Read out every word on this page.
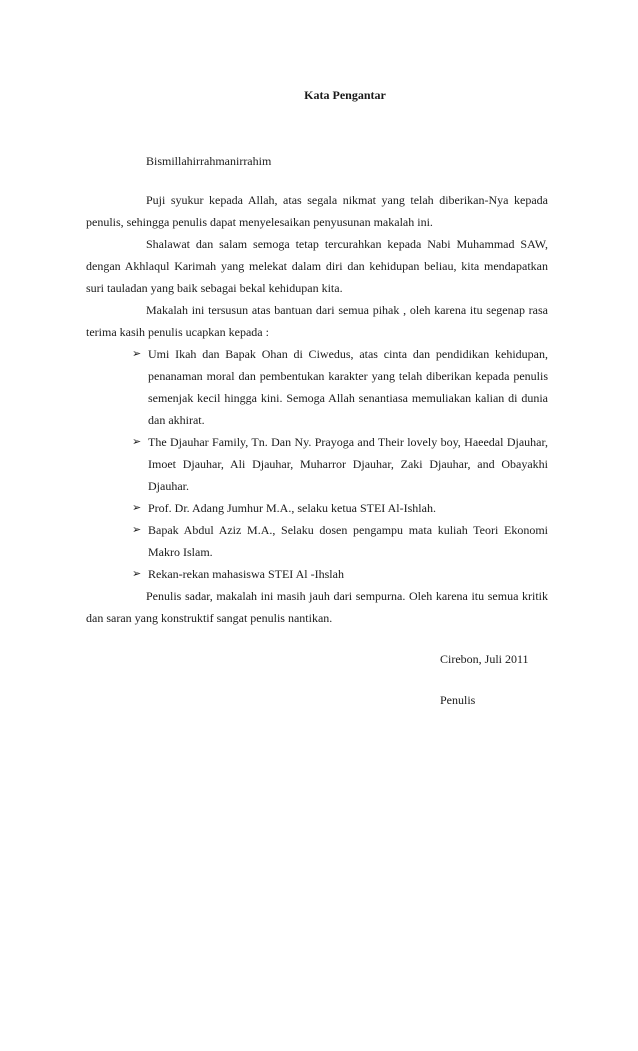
Kata Pengantar

Bismillahirrahmanirrahim

Puji syukur kepada Allah, atas segala nikmat yang telah diberikan-Nya kepada penulis, sehingga penulis dapat menyelesaikan penyusunan makalah ini.

Shalawat dan salam semoga tetap tercurahkan kepada Nabi Muhammad SAW, dengan Akhlaqul Karimah yang melekat dalam diri dan kehidupan beliau, kita mendapatkan suri tauladan yang baik sebagai bekal kehidupan kita.

Makalah ini tersusun atas bantuan dari semua pihak , oleh karena itu segenap rasa terima kasih penulis ucapkan kepada :

➢ Umi Ikah dan Bapak Ohan di Ciwedus, atas cinta dan pendidikan kehidupan, penanaman moral dan pembentukan karakter yang telah diberikan kepada penulis semenjak kecil hingga kini. Semoga Allah senantiasa memuliakan kalian di dunia dan akhirat.
➢ The Djauhar Family, Tn. Dan Ny. Prayoga and Their lovely boy, Haeedal Djauhar, Imoet Djauhar, Ali Djauhar, Muharror Djauhar, Zaki Djauhar, and Obayakhi Djauhar.
➢ Prof. Dr. Adang Jumhur M.A., selaku ketua STEI Al-Ishlah.
➢ Bapak Abdul Aziz M.A., Selaku dosen pengampu mata kuliah Teori Ekonomi Makro Islam.
➢ Rekan-rekan mahasiswa STEI Al -Ihslah

Penulis sadar, makalah ini masih jauh dari sempurna. Oleh karena itu semua kritik dan saran yang konstruktif sangat penulis nantikan.

Cirebon, Juli 2011
Penulis
